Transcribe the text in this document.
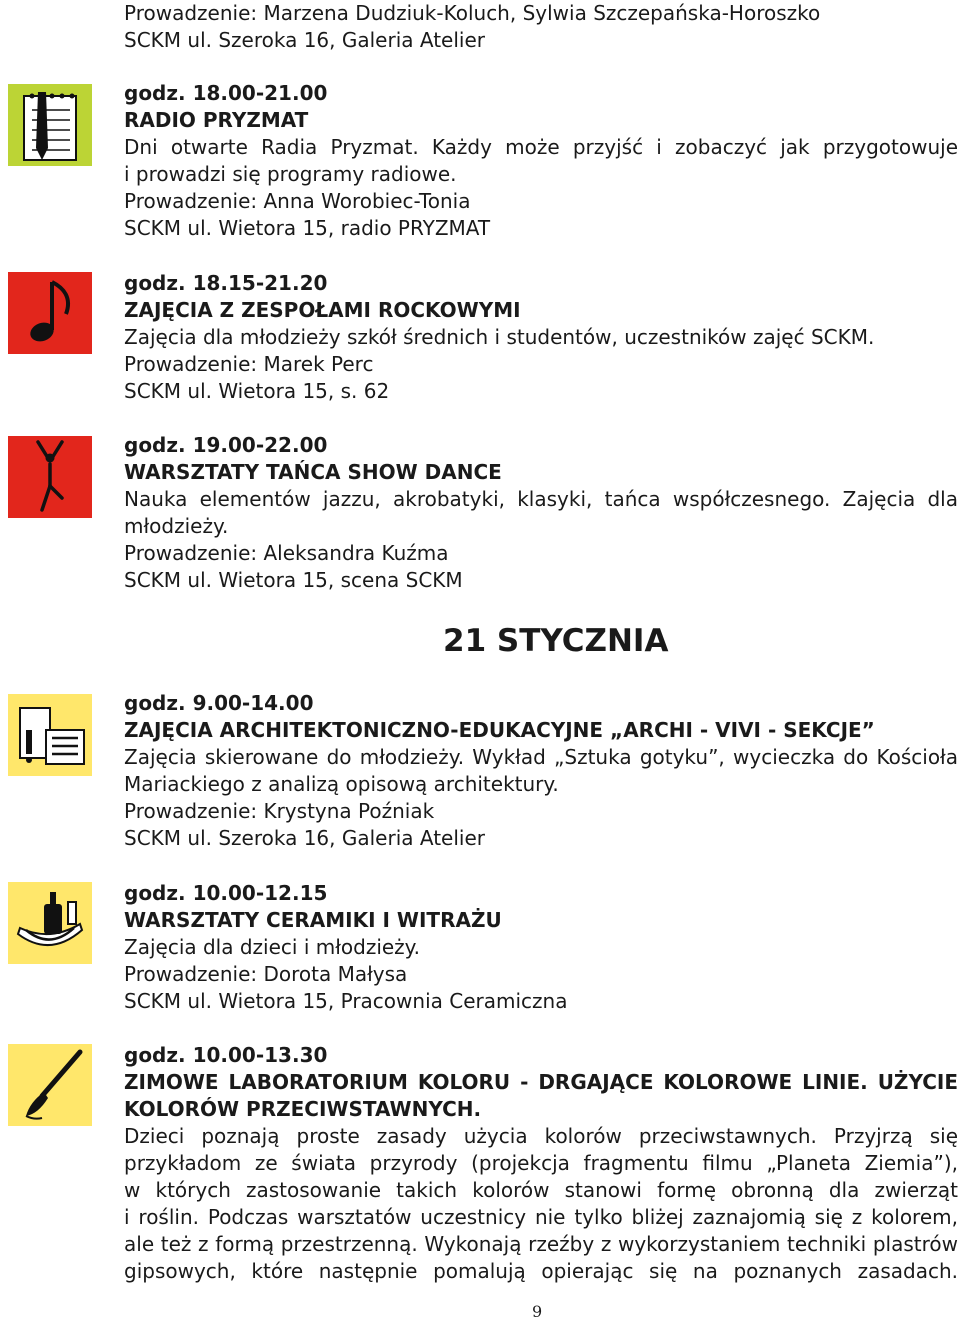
Prowadzenie: Marzena Dudziuk-Koluch, Sylwia Szczepańska-Horoszko
SCKM ul. Szeroka 16, Galeria Atelier
godz. 18.00-21.00
RADIO PRYZMAT
Dni otwarte Radia Pryzmat. Każdy może przyjść i zobaczyć jak przygotowuje
i prowadzi się programy radiowe.
Prowadzenie: Anna Worobiec-Tonia
SCKM ul. Wietora 15, radio PRYZMAT
godz. 18.15-21.20
ZAJĘCIA Z ZESPOŁAMI ROCKOWYMI
Zajęcia dla młodzieży szkół średnich i studentów, uczestników zajęć SCKM.
Prowadzenie: Marek Perc
SCKM ul. Wietora 15, s. 62
godz. 19.00-22.00
WARSZTATY TAŃCA SHOW DANCE
Nauka elementów jazzu, akrobatyki, klasyki, tańca współczesnego. Zajęcia dla
młodzieży.
Prowadzenie: Aleksandra Kuźma
SCKM ul. Wietora 15, scena SCKM
21 STYCZNIA
godz. 9.00-14.00
ZAJĘCIA ARCHITEKTONICZNO-EDUKACYJNE „ARCHI - VIVI - SEKCJE”
Zajęcia skierowane do młodzieży. Wykład „Sztuka gotyku”, wycieczka do Kościoła
Mariackiego z analizą opisową architektury.
Prowadzenie: Krystyna Poźniak
SCKM ul. Szeroka 16, Galeria Atelier
godz. 10.00-12.15
WARSZTATY CERAMIKI I WITRAŻU
Zajęcia dla dzieci i młodzieży.
Prowadzenie: Dorota Małysa
SCKM ul. Wietora 15, Pracownia Ceramiczna
godz. 10.00-13.30
ZIMOWE LABORATORIUM KOLORU - DRGAJĄCE KOLOROWE LINIE. UŻYCIE
KOLORÓW PRZECIWSTAWNYCH.
Dzieci poznają proste zasady użycia kolorów przeciwstawnych. Przyjrzą się
przykładom ze świata przyrody (projekcja fragmentu filmu „Planeta Ziemia”),
w których zastosowanie takich kolorów stanowi formę obronną dla zwierząt
i roślin. Podczas warsztatów uczestnicy nie tylko bliżej zaznajomią się z kolorem,
ale też z formą przestrzenną. Wykonają rzeźby z wykorzystaniem techniki plastrów
gipsowych, które następnie pomalują opierając się na poznanych zasadach.
9
